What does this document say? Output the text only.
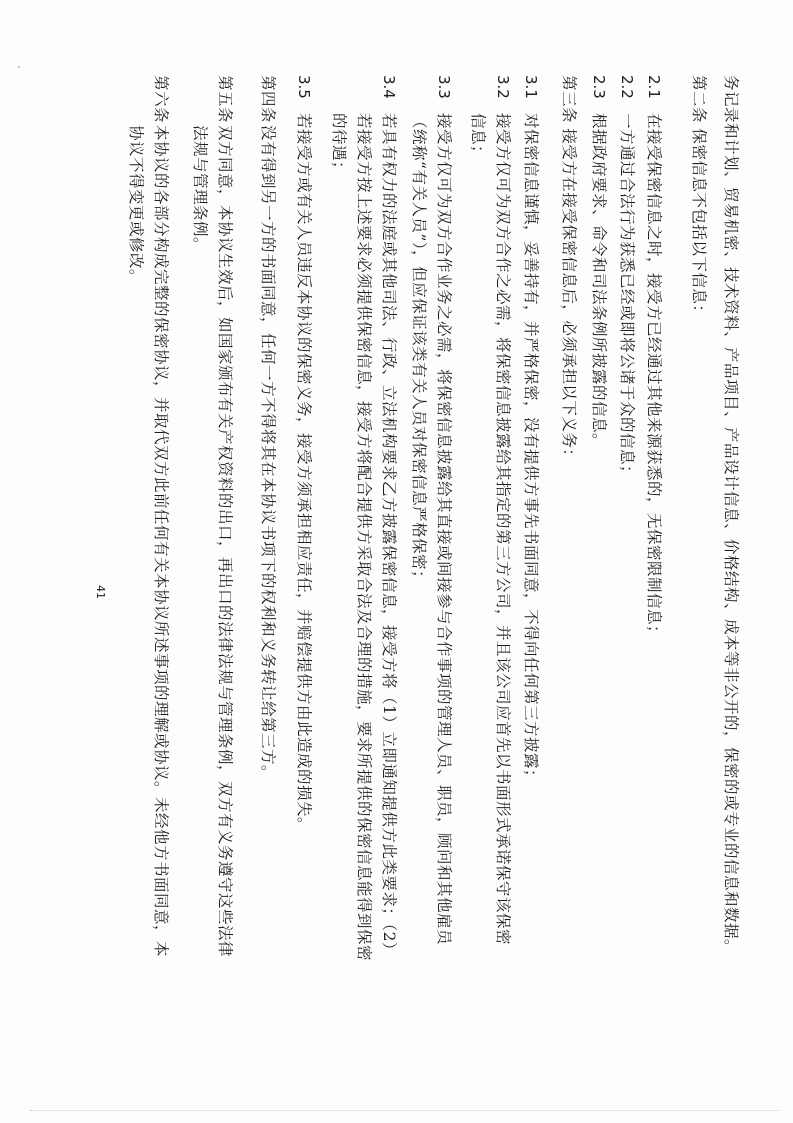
务记录和计划、贸易机密、技术资料、产品项目、产品设计信息、价格结构、成本等非公开的，保密的或专业的信息和数据。
第二条 保密信息不包括以下信息：
2.1
在接受保密信息之时，接受方已经通过其他来源获悉的，无保密限制信息；
2.2
一方通过合法行为获悉已经或即将公诸于众的信息；
2.3
根据政府要求、命令和司法条例所披露的信息。
第三条 接受方在接受保密信息后，必须承担以下义务：
3.1
对保密信息谨慎，妥善持有，并严格保密，没有提供方事先书面同意，不得向任何第三方披露；
3.2
接受方仅可为双方合作之必需，将保密信息披露给其指定的第三方公司，并且该公司应首先以书面形式承诺保守该保密
信息；
3.3
接受方仅可为双方合作业务之必需，将保密信息披露给其直接或间接参与合作事项的管理人员、职员，顾问和其他雇员
（统称“有关人员”），但应保证该类有关人员对保密信息严格保密；
3.4
若具有权力的法庭或其他司法、行政、立法机构要求乙方披露保密信息，接受方将（1）立即通知提供方此类要求；（2）
若接受方按上述要求必须提供保密信息，接受方将配合提供方采取合法及合理的措施，要求所提供的保密信息能得到保密
的待遇；
3.5
若接受方或有关人员违反本协议的保密义务，接受方须承担相应责任，并赔偿提供方由此造成的损失。
第四条
没有得到另一方的书面同意，任何一方不得将其在本协议书项下的权利和义务转让给第三方。
第五条
双方同意，本协议生效后，如国家颁布有关产权资料的出口，再出口的法律法规与管理条例，双方有义务遵守这些法律
法规与管理条例。
第六条
本协议的各部分构成完整的保密协议，并取代双方此前任何有关本协议所述事项的理解或协议。未经他方书面同意，本
协议不得变更或修改。
41
